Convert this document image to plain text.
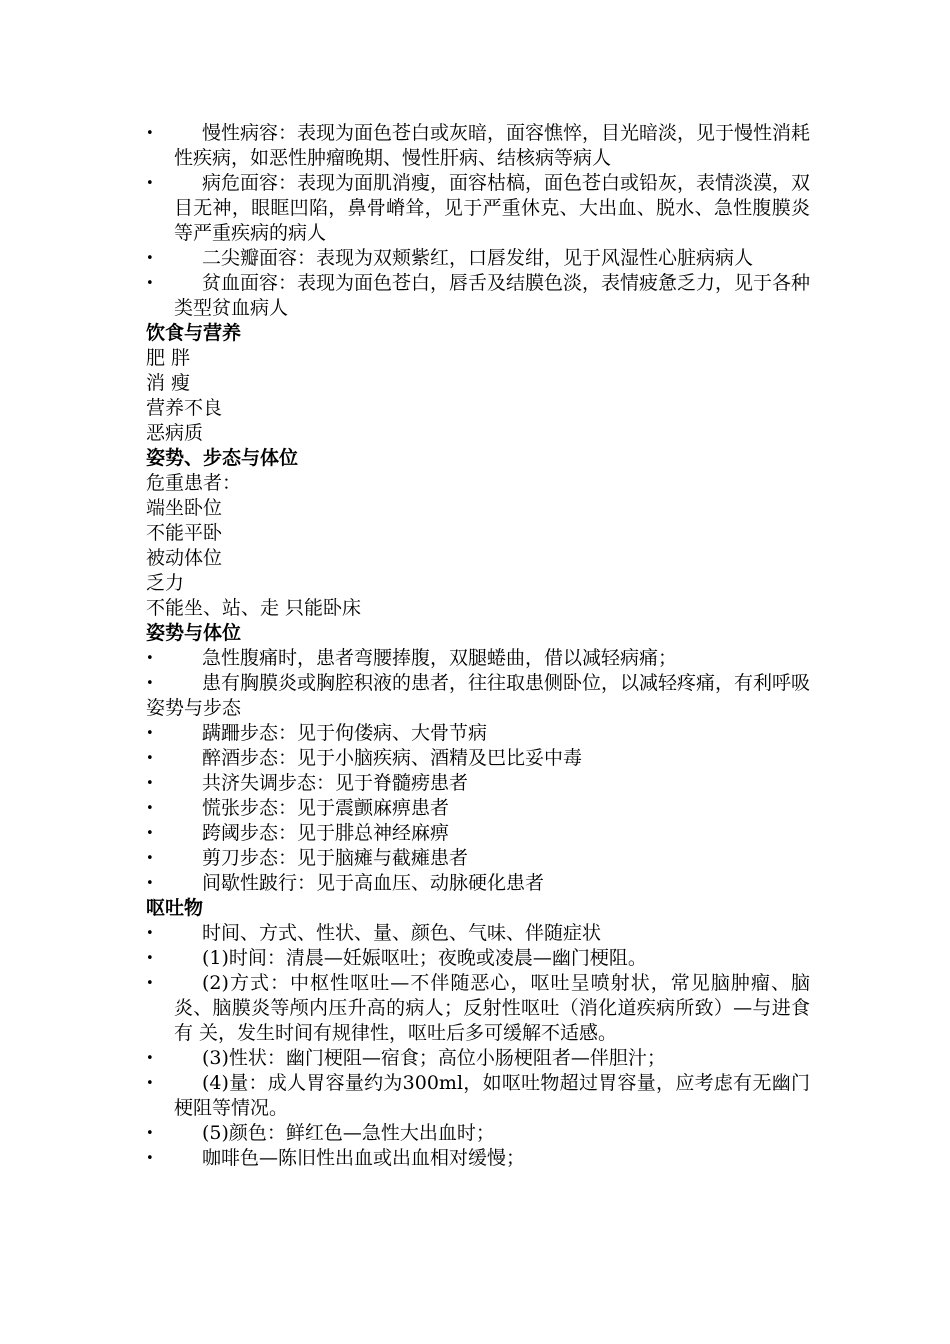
•	慢性病容：表现为面色苍白或灰暗，面容憔悴，目光暗淡，见于慢性消耗性疾病，如恶性肿瘤晚期、慢性肝病、结核病等病人
•	病危面容：表现为面肌消瘦，面容枯槁，面色苍白或铅灰，表情淡漠，双目无神，眼眶凹陷，鼻骨嵴耸，见于严重休克、大出血、脱水、急性腹膜炎等严重疾病的病人
•	二尖瓣面容：表现为双颊紫红，口唇发绀，见于风湿性心脏病病人
•	贫血面容：表现为面色苍白，唇舌及结膜色淡，表情疲惫乏力，见于各种类型贫血病人
饮食与营养
肥 胖
消 瘦
营养不良
恶病质
姿势、步态与体位
危重患者：
端坐卧位
不能平卧
被动体位
乏力
不能坐、站、走 只能卧床
姿势与体位
•	急性腹痛时，患者弯腰捧腹，双腿蜷曲，借以减轻病痛；
•	患有胸膜炎或胸腔积液的患者，往往取患侧卧位，以减轻疼痛，有利呼吸
姿势与步态
•	蹒跚步态：见于佝偻病、大骨节病
•	醉酒步态：见于小脑疾病、酒精及巴比妥中毒
•	共济失调步态：见于脊髓痨患者
•	慌张步态：见于震颤麻痹患者
•	跨阈步态：见于腓总神经麻痹
•	剪刀步态：见于脑瘫与截瘫患者
•	间歇性跛行：见于高血压、动脉硬化患者
呕吐物
•	时间、方式、性状、量、颜色、气味、伴随症状
•	(1)时间：清晨—妊娠呕吐；夜晚或凌晨—幽门梗阻。
•	(2)方式：中枢性呕吐—不伴随恶心，呕吐呈喷射状，常见脑肿瘤、脑炎、脑膜炎等颅内压升高的病人；反射性呕吐（消化道疾病所致）—与进食有 关，发生时间有规律性，呕吐后多可缓解不适感。
•	(3)性状：幽门梗阻—宿食；高位小肠梗阻者—伴胆汁；
•	(4)量：成人胃容量约为300ml，如呕吐物超过胃容量，应考虑有无幽门梗阻等情况。
•	(5)颜色：鲜红色—急性大出血时；
•	咖啡色—陈旧性出血或出血相对缓慢；
